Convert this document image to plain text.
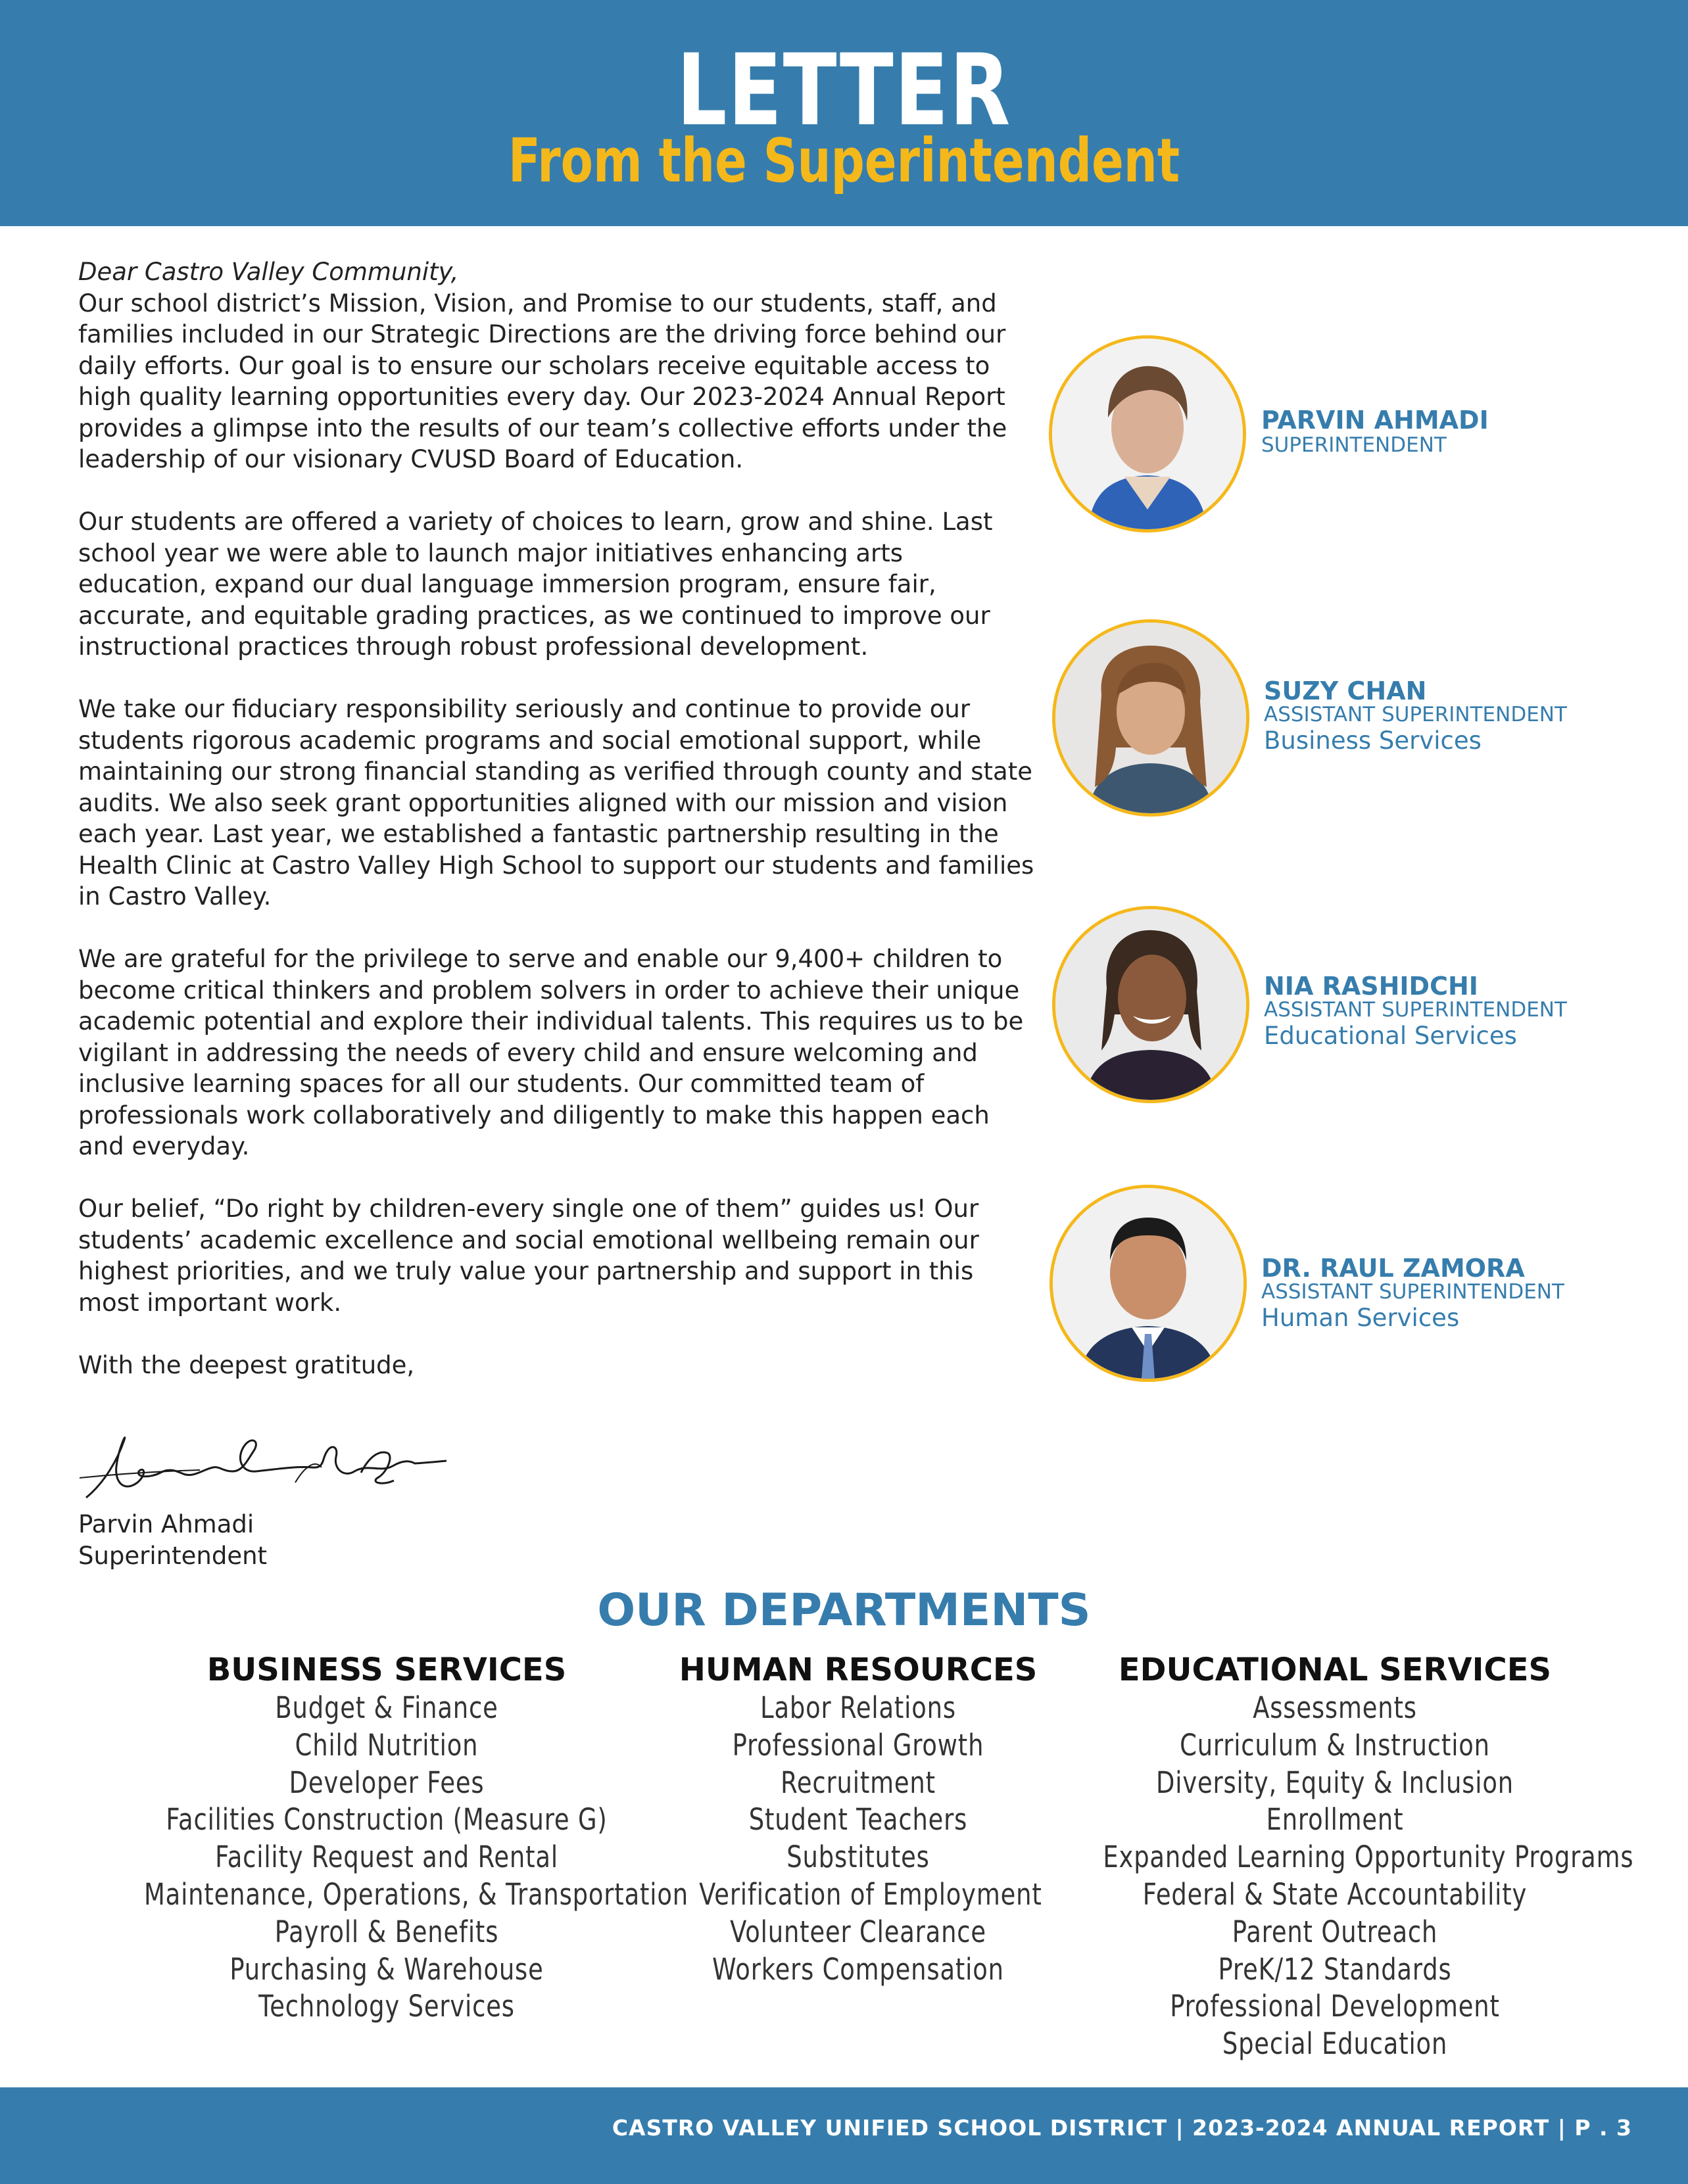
LETTER
From the Superintendent

Dear Castro Valley Community,

Our school district’s Mission, Vision, and Promise to our students, staff, and families included in our Strategic Directions are the driving force behind our daily efforts. Our goal is to ensure our scholars receive equitable access to high quality learning opportunities every day. Our 2023-2024 Annual Report provides a glimpse into the results of our team’s collective efforts under the leadership of our visionary CVUSD Board of Education.

Our students are offered a variety of choices to learn, grow and shine. Last school year we were able to launch major initiatives enhancing arts education, expand our dual language immersion program, ensure fair, accurate, and equitable grading practices, as we continued to improve our instructional practices through robust professional development.

We take our fiduciary responsibility seriously and continue to provide our students rigorous academic programs and social emotional support, while maintaining our strong financial standing as verified through county and state audits. We also seek grant opportunities aligned with our mission and vision each year. Last year, we established a fantastic partnership resulting in the Health Clinic at Castro Valley High School to support our students and families in Castro Valley.

We are grateful for the privilege to serve and enable our 9,400+ children to become critical thinkers and problem solvers in order to achieve their unique academic potential and explore their individual talents. This requires us to be vigilant in addressing the needs of every child and ensure welcoming and inclusive learning spaces for all our students. Our committed team of professionals work collaboratively and diligently to make this happen each and everyday.

Our belief, “Do right by children-every single one of them” guides us! Our students’ academic excellence and social emotional wellbeing remain our highest priorities, and we truly value your partnership and support in this most important work.

With the deepest gratitude,

Parvin Ahmadi
Superintendent
PARVIN AHMADI
SUPERINTENDENT
SUZY CHAN
ASSISTANT SUPERINTENDENT
Business Services
NIA RASHIDCHI
ASSISTANT SUPERINTENDENT
Educational Services
DR. RAUL ZAMORA
ASSISTANT SUPERINTENDENT
Human Services
OUR DEPARTMENTS
BUSINESS SERVICES
Budget & Finance
Child Nutrition
Developer Fees
Facilities Construction (Measure G)
Facility Request and Rental
Maintenance, Operations, & Transportation
Payroll & Benefits
Purchasing & Warehouse
Technology Services
HUMAN RESOURCES
Labor Relations
Professional Growth
Recruitment
Student Teachers
Substitutes
Verification of Employment
Volunteer Clearance
Workers Compensation
EDUCATIONAL SERVICES
Assessments
Curriculum & Instruction
Diversity, Equity & Inclusion
Enrollment
Expanded Learning Opportunity Programs
Federal & State Accountability
Parent Outreach
PreK/12 Standards
Professional Development
Special Education
CASTRO VALLEY UNIFIED SCHOOL DISTRICT | 2023-2024 ANNUAL REPORT | P . 3
